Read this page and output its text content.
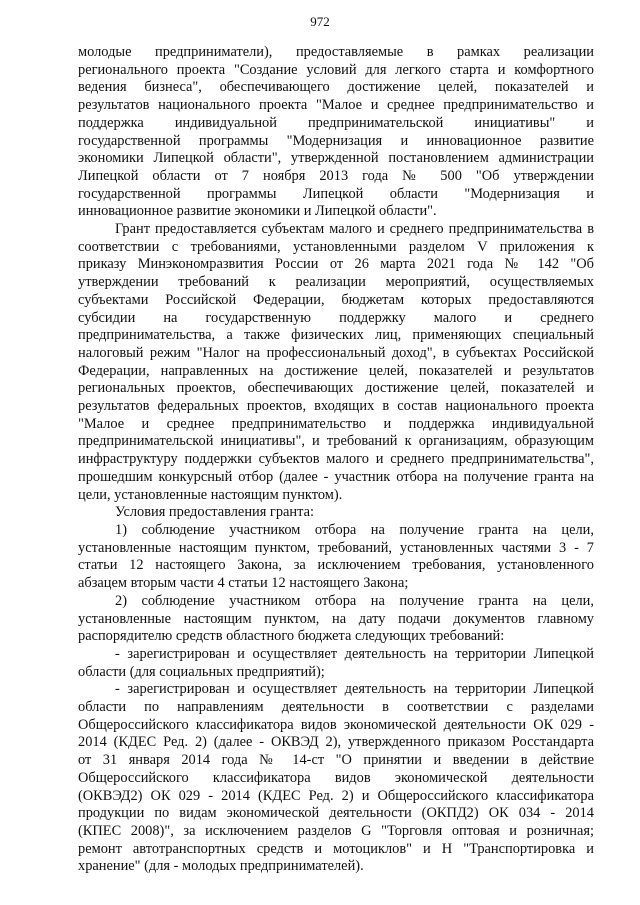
972
молодые предприниматели), предоставляемые в рамках реализации
регионального проекта "Создание условий для легкого старта и комфортного
ведения бизнеса", обеспечивающего достижение целей, показателей и
результатов национального проекта "Малое и среднее предпринимательство и
поддержка индивидуальной предпринимательской инициативы" и
государственной программы "Модернизация и инновационное развитие
экономики Липецкой области", утвержденной постановлением администрации
Липецкой области от 7 ноября 2013 года № 500 "Об утверждении
государственной программы Липецкой области "Модернизация и
инновационное развитие экономики и Липецкой области".
Грант предоставляется субъектам малого и среднего предпринимательства в
соответствии с требованиями, установленными разделом V приложения к
приказу Минэкономразвития России от 26 марта 2021 года № 142 "Об
утверждении требований к реализации мероприятий, осуществляемых
субъектами Российской Федерации, бюджетам которых предоставляются
субсидии на государственную поддержку малого и среднего
предпринимательства, а также физических лиц, применяющих специальный
налоговый режим "Налог на профессиональный доход", в субъектах Российской
Федерации, направленных на достижение целей, показателей и результатов
региональных проектов, обеспечивающих достижение целей, показателей и
результатов федеральных проектов, входящих в состав национального проекта
"Малое и среднее предпринимательство и поддержка индивидуальной
предпринимательской инициативы", и требований к организациям, образующим
инфраструктуру поддержки субъектов малого и среднего предпринимательства",
прошедшим конкурсный отбор (далее - участник отбора на получение гранта на
цели, установленные настоящим пунктом).
Условия предоставления гранта:
1) соблюдение участником отбора на получение гранта на цели,
установленные настоящим пунктом, требований, установленных частями 3 - 7
статьи 12 настоящего Закона, за исключением требования, установленного
абзацем вторым части 4 статьи 12 настоящего Закона;
2) соблюдение участником отбора на получение гранта на цели,
установленные настоящим пунктом, на дату подачи документов главному
распорядителю средств областного бюджета следующих требований:
- зарегистрирован и осуществляет деятельность на территории Липецкой
области (для социальных предприятий);
- зарегистрирован и осуществляет деятельность на территории Липецкой
области по направлениям деятельности в соответствии с разделами
Общероссийского классификатора видов экономической деятельности ОК 029 -
2014 (КДЕС Ред. 2) (далее - ОКВЭД 2), утвержденного приказом Росстандарта
от 31 января 2014 года № 14-ст "О принятии и введении в действие
Общероссийского классификатора видов экономической деятельности
(ОКВЭД2) ОК 029 - 2014 (КДЕС Ред. 2) и Общероссийского классификатора
продукции по видам экономической деятельности (ОКПД2) ОК 034 - 2014
(КПЕС 2008)", за исключением разделов G "Торговля оптовая и розничная;
ремонт автотранспортных средств и мотоциклов" и H "Транспортировка и
хранение" (для - молодых предпринимателей).
